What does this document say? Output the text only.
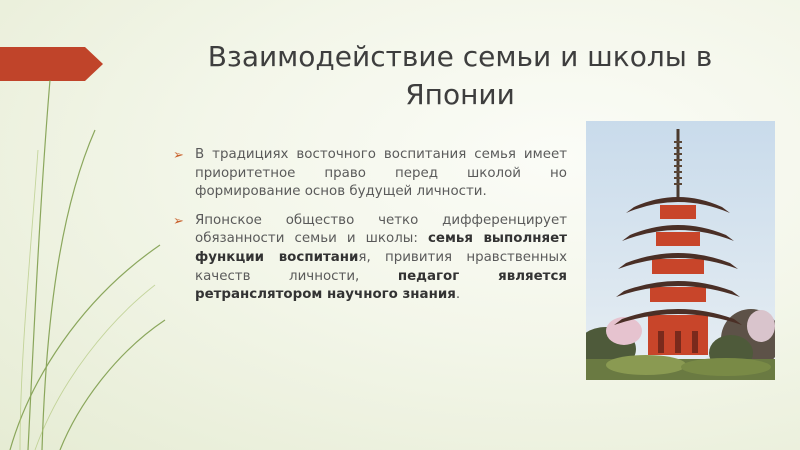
Взаимодействие семьи и школы в Японии
➢ В традициях восточного воспитания семья имеет приоритетное право перед школой но формирование основ будущей личности.
➢ Японское общество четко дифференцирует обязанности семьи и школы: семья выполняет функции воспитания, привития нравственных качеств личности, педагог является ретранслятором научного знания.
